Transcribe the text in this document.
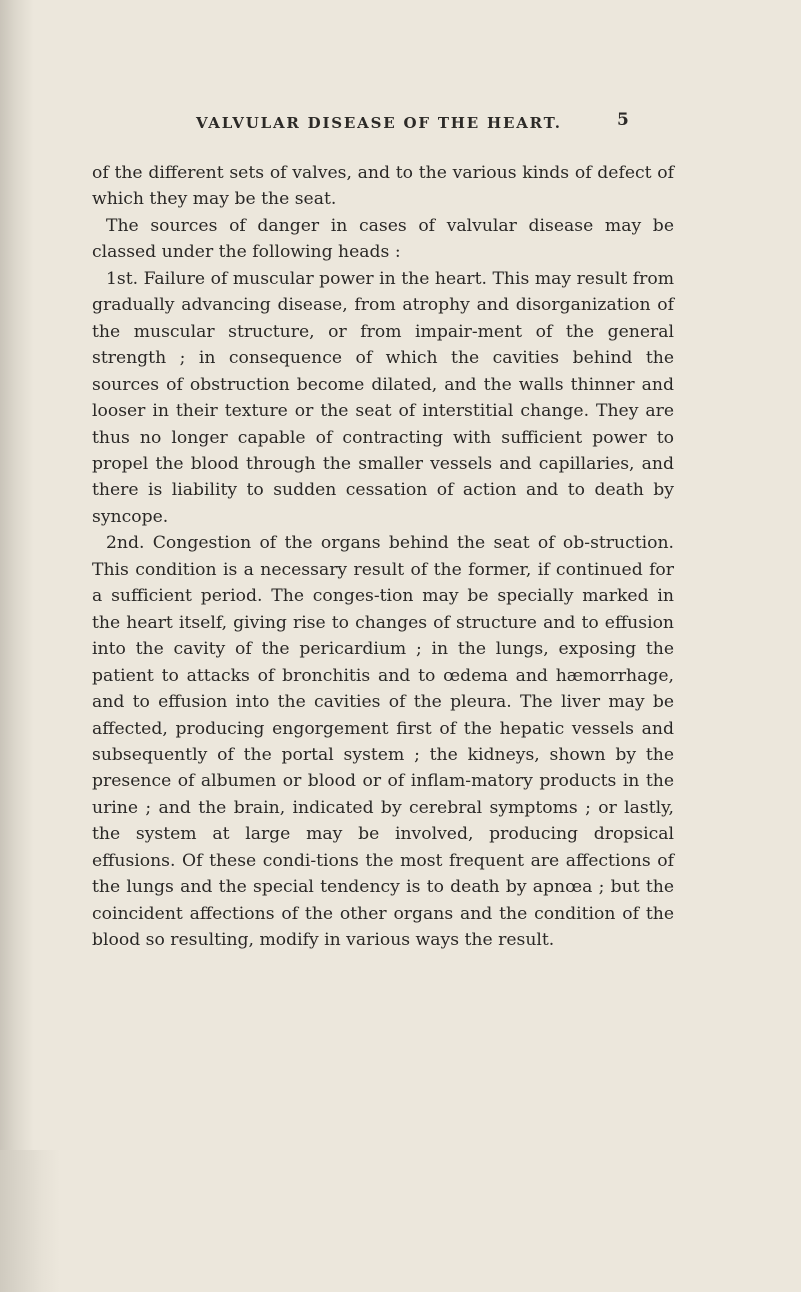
VALVULAR DISEASE OF THE HEART.	5

of the different sets of valves, and to the various kinds of defect of which they may be the seat.

The sources of danger in cases of valvular disease may be classed under the following heads :

1st. Failure of muscular power in the heart. This may result from gradually advancing disease, from atrophy and disorganization of the muscular structure, or from impair-ment of the general strength ; in consequence of which the cavities behind the sources of obstruction become dilated, and the walls thinner and looser in their texture or the seat of interstitial change. They are thus no longer capable of contracting with sufficient power to propel the blood through the smaller vessels and capillaries, and there is liability to sudden cessation of action and to death by syncope.

2nd. Congestion of the organs behind the seat of ob-struction. This condition is a necessary result of the former, if continued for a sufficient period. The conges-tion may be specially marked in the heart itself, giving rise to changes of structure and to effusion into the cavity of the pericardium ; in the lungs, exposing the patient to attacks of bronchitis and to œdema and hæmorrhage, and to effusion into the cavities of the pleura. The liver may be affected, producing engorgement first of the hepatic vessels and subsequently of the portal system ; the kidneys, shown by the presence of albumen or blood or of inflam-matory products in the urine ; and the brain, indicated by cerebral symptoms ; or lastly, the system at large may be involved, producing dropsical effusions. Of these condi-tions the most frequent are affections of the lungs and the special tendency is to death by apnœa ; but the coincident affections of the other organs and the condition of the blood so resulting, modify in various ways the result.
